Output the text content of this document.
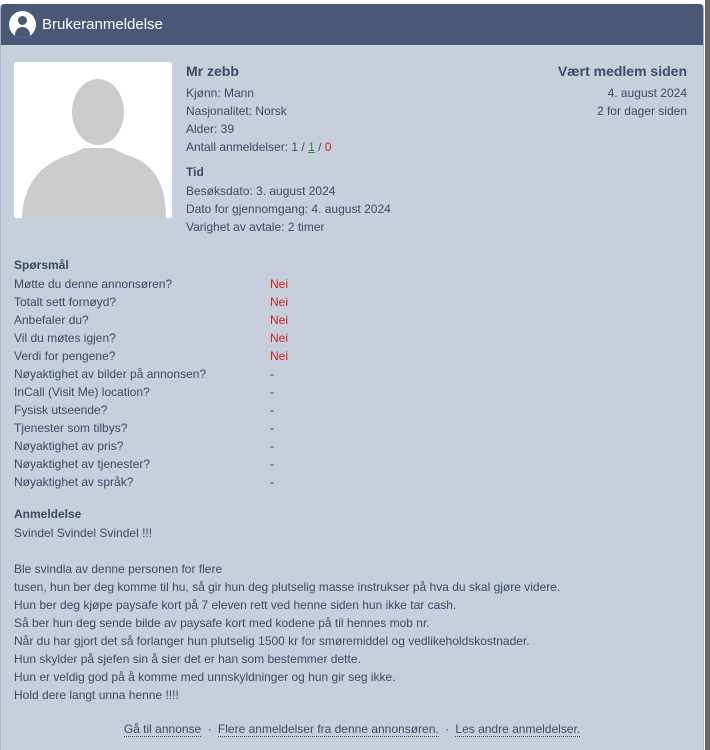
Brukeranmeldelse
Mr zebb
Kjønn: Mann
Nasjonalitet: Norsk
Alder: 39
Antall anmeldelser: 1 / 1 / 0
Tid
Besøksdato: 3. august 2024
Dato for gjennomgang: 4. august 2024
Varighet av avtale: 2 timer
Vært medlem siden
4. august 2024
2 for dager siden
Spørsmål
Møtte du denne annonsøren?	Nei
Totalt sett fornøyd?	Nei
Anbefaler du?	Nei
Vil du møtes igjen?	Nei
Verdi for pengene?	Nei
Nøyaktighet av bilder på annonsen?	-
InCall (Visit Me) location?	-
Fysisk utseende?	-
Tjenester som tilbys?	-
Nøyaktighet av pris?	-
Nøyaktighet av tjenester?	-
Nøyaktighet av språk?	-
Anmeldelse
Svindel Svindel Svindel !!!
Ble svindla av denne personen for flere
tusen, hun ber deg komme til hu, så gir hun deg plutselig masse instrukser på hva du skal gjøre videre.
Hun ber deg kjøpe paysafe kort på 7 eleven rett ved henne siden hun ikke tar cash.
Så ber hun deg sende bilde av paysafe kort med kodene på til hennes mob nr.
Når du har gjort det så forlanger hun plutselig 1500 kr for smøremiddel og vedlikeholdskostnader.
Hun skylder på sjefen sin å sier det er han som bestemmer dette.
Hun er veldig god på å komme med unnskyldninger og hun gir seg ikke.
Hold dere langt unna henne !!!!
Gå til annonse · Flere anmeldelser fra denne annonsøren. · Les andre anmeldelser.
